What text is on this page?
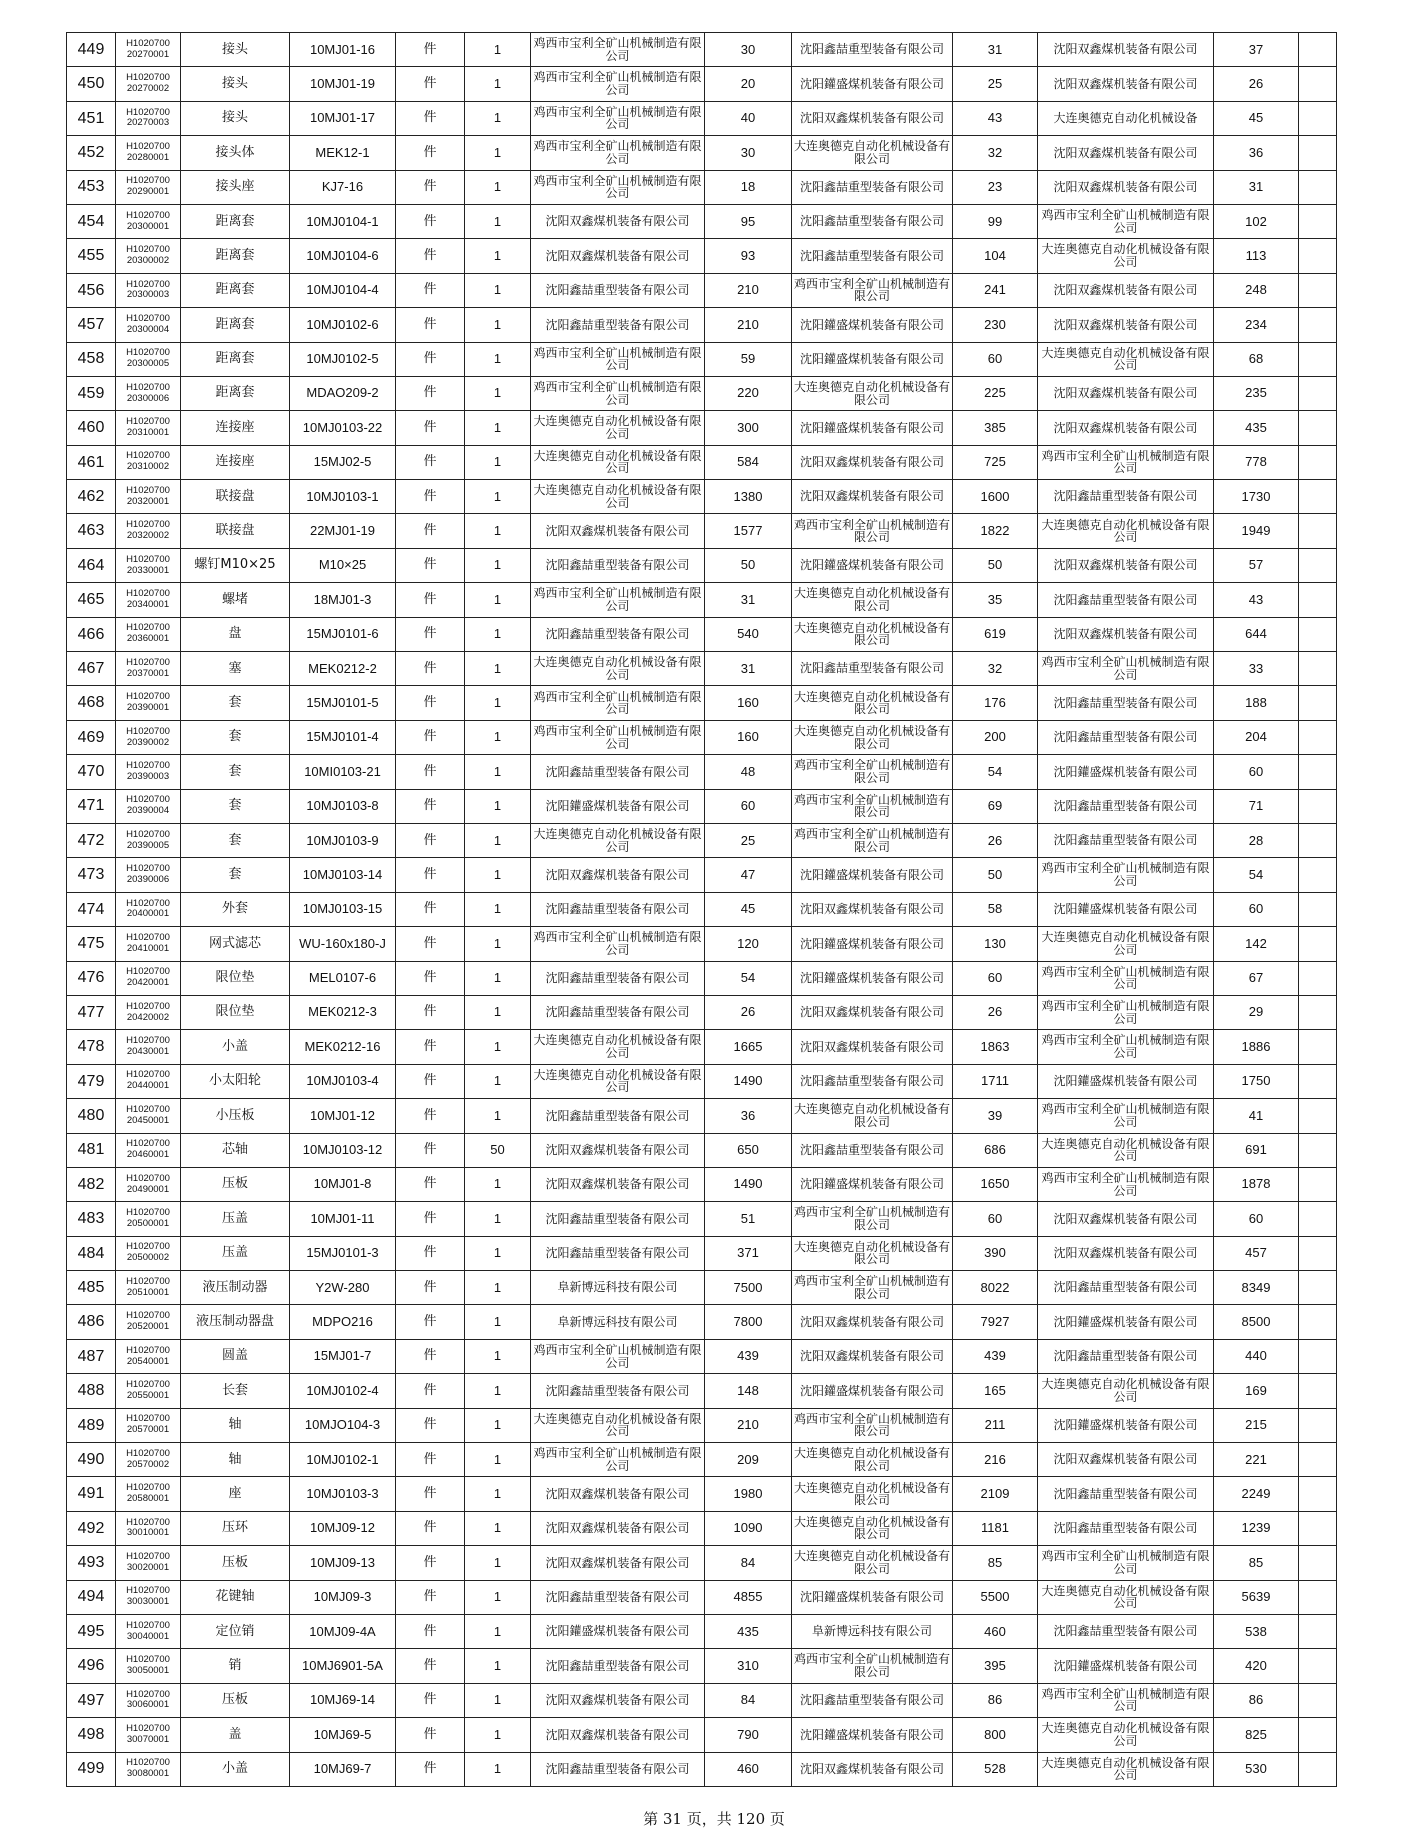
449	H1020700 20270001	接头	10MJ01-16	件	1	鸡西市宝利全矿山机械制造有限公司	30	沈阳鑫喆重型装备有限公司	31	沈阳双鑫煤机装备有限公司	37	
450	H1020700 20270002	接头	10MJ01-19	件	1	鸡西市宝利全矿山机械制造有限公司	20	沈阳鑵盛煤机装备有限公司	25	沈阳双鑫煤机装备有限公司	26	
451	H1020700 20270003	接头	10MJ01-17	件	1	鸡西市宝利全矿山机械制造有限公司	40	沈阳双鑫煤机装备有限公司	43	大连奥德克自动化机械设备	45	
452	H1020700 20280001	接头体	MEK12-1	件	1	鸡西市宝利全矿山机械制造有限公司	30	大连奥德克自动化机械设备有限公司	32	沈阳双鑫煤机装备有限公司	36	
453	H1020700 20290001	接头座	KJ7-16	件	1	鸡西市宝利全矿山机械制造有限公司	18	沈阳鑫喆重型装备有限公司	23	沈阳双鑫煤机装备有限公司	31	
454	H1020700 20300001	距离套	10MJ0104-1	件	1	沈阳双鑫煤机装备有限公司	95	沈阳鑫喆重型装备有限公司	99	鸡西市宝利全矿山机械制造有限公司	102	
455	H1020700 20300002	距离套	10MJ0104-6	件	1	沈阳双鑫煤机装备有限公司	93	沈阳鑫喆重型装备有限公司	104	大连奥德克自动化机械设备有限公司	113	
456	H1020700 20300003	距离套	10MJ0104-4	件	1	沈阳鑫喆重型装备有限公司	210	鸡西市宝利全矿山机械制造有限公司	241	沈阳双鑫煤机装备有限公司	248	
457	H1020700 20300004	距离套	10MJ0102-6	件	1	沈阳鑫喆重型装备有限公司	210	沈阳鑵盛煤机装备有限公司	230	沈阳双鑫煤机装备有限公司	234	
458	H1020700 20300005	距离套	10MJ0102-5	件	1	鸡西市宝利全矿山机械制造有限公司	59	沈阳鑵盛煤机装备有限公司	60	大连奥德克自动化机械设备有限公司	68	
459	H1020700 20300006	距离套	MDAO209-2	件	1	鸡西市宝利全矿山机械制造有限公司	220	大连奥德克自动化机械设备有限公司	225	沈阳双鑫煤机装备有限公司	235	
460	H1020700 20310001	连接座	10MJ0103-22	件	1	大连奥德克自动化机械设备有限公司	300	沈阳鑵盛煤机装备有限公司	385	沈阳双鑫煤机装备有限公司	435	
461	H1020700 20310002	连接座	15MJ02-5	件	1	大连奥德克自动化机械设备有限公司	584	沈阳双鑫煤机装备有限公司	725	鸡西市宝利全矿山机械制造有限公司	778	
462	H1020700 20320001	联接盘	10MJ0103-1	件	1	大连奥德克自动化机械设备有限公司	1380	沈阳双鑫煤机装备有限公司	1600	沈阳鑫喆重型装备有限公司	1730	
463	H1020700 20320002	联接盘	22MJ01-19	件	1	沈阳双鑫煤机装备有限公司	1577	鸡西市宝利全矿山机械制造有限公司	1822	大连奥德克自动化机械设备有限公司	1949	
464	H1020700 20330001	螺钉M10×25	M10×25	件	1	沈阳鑫喆重型装备有限公司	50	沈阳鑵盛煤机装备有限公司	50	沈阳双鑫煤机装备有限公司	57	
465	H1020700 20340001	螺堵	18MJ01-3	件	1	鸡西市宝利全矿山机械制造有限公司	31	大连奥德克自动化机械设备有限公司	35	沈阳鑫喆重型装备有限公司	43	
466	H1020700 20360001	盘	15MJ0101-6	件	1	沈阳鑫喆重型装备有限公司	540	大连奥德克自动化机械设备有限公司	619	沈阳双鑫煤机装备有限公司	644	
467	H1020700 20370001	塞	MEK0212-2	件	1	大连奥德克自动化机械设备有限公司	31	沈阳鑫喆重型装备有限公司	32	鸡西市宝利全矿山机械制造有限公司	33	
468	H1020700 20390001	套	15MJ0101-5	件	1	鸡西市宝利全矿山机械制造有限公司	160	大连奥德克自动化机械设备有限公司	176	沈阳鑫喆重型装备有限公司	188	
469	H1020700 20390002	套	15MJ0101-4	件	1	鸡西市宝利全矿山机械制造有限公司	160	大连奥德克自动化机械设备有限公司	200	沈阳鑫喆重型装备有限公司	204	
470	H1020700 20390003	套	10MI0103-21	件	1	沈阳鑫喆重型装备有限公司	48	鸡西市宝利全矿山机械制造有限公司	54	沈阳鑵盛煤机装备有限公司	60	
471	H1020700 20390004	套	10MJ0103-8	件	1	沈阳鑵盛煤机装备有限公司	60	鸡西市宝利全矿山机械制造有限公司	69	沈阳鑫喆重型装备有限公司	71	
472	H1020700 20390005	套	10MJ0103-9	件	1	大连奥德克自动化机械设备有限公司	25	鸡西市宝利全矿山机械制造有限公司	26	沈阳鑫喆重型装备有限公司	28	
473	H1020700 20390006	套	10MJ0103-14	件	1	沈阳双鑫煤机装备有限公司	47	沈阳鑵盛煤机装备有限公司	50	鸡西市宝利全矿山机械制造有限公司	54	
474	H1020700 20400001	外套	10MJ0103-15	件	1	沈阳鑫喆重型装备有限公司	45	沈阳双鑫煤机装备有限公司	58	沈阳鑵盛煤机装备有限公司	60	
475	H1020700 20410001	网式滤芯	WU-160x180-J	件	1	鸡西市宝利全矿山机械制造有限公司	120	沈阳鑵盛煤机装备有限公司	130	大连奥德克自动化机械设备有限公司	142	
476	H1020700 20420001	限位垫	MEL0107-6	件	1	沈阳鑫喆重型装备有限公司	54	沈阳鑵盛煤机装备有限公司	60	鸡西市宝利全矿山机械制造有限公司	67	
477	H1020700 20420002	限位垫	MEK0212-3	件	1	沈阳鑫喆重型装备有限公司	26	沈阳双鑫煤机装备有限公司	26	鸡西市宝利全矿山机械制造有限公司	29	
478	H1020700 20430001	小盖	MEK0212-16	件	1	大连奥德克自动化机械设备有限公司	1665	沈阳双鑫煤机装备有限公司	1863	鸡西市宝利全矿山机械制造有限公司	1886	
479	H1020700 20440001	小太阳轮	10MJ0103-4	件	1	大连奥德克自动化机械设备有限公司	1490	沈阳鑫喆重型装备有限公司	1711	沈阳鑵盛煤机装备有限公司	1750	
480	H1020700 20450001	小压板	10MJ01-12	件	1	沈阳鑫喆重型装备有限公司	36	大连奥德克自动化机械设备有限公司	39	鸡西市宝利全矿山机械制造有限公司	41	
481	H1020700 20460001	芯轴	10MJ0103-12	件	50	沈阳双鑫煤机装备有限公司	650	沈阳鑫喆重型装备有限公司	686	大连奥德克自动化机械设备有限公司	691	
482	H1020700 20490001	压板	10MJ01-8	件	1	沈阳双鑫煤机装备有限公司	1490	沈阳鑵盛煤机装备有限公司	1650	鸡西市宝利全矿山机械制造有限公司	1878	
483	H1020700 20500001	压盖	10MJ01-11	件	1	沈阳鑫喆重型装备有限公司	51	鸡西市宝利全矿山机械制造有限公司	60	沈阳双鑫煤机装备有限公司	60	
484	H1020700 20500002	压盖	15MJ0101-3	件	1	沈阳鑫喆重型装备有限公司	371	大连奥德克自动化机械设备有限公司	390	沈阳双鑫煤机装备有限公司	457	
485	H1020700 20510001	液压制动器	Y2W-280	件	1	阜新博远科技有限公司	7500	鸡西市宝利全矿山机械制造有限公司	8022	沈阳鑫喆重型装备有限公司	8349	
486	H1020700 20520001	液压制动器盘	MDPO216	件	1	阜新博远科技有限公司	7800	沈阳双鑫煤机装备有限公司	7927	沈阳鑵盛煤机装备有限公司	8500	
487	H1020700 20540001	圆盖	15MJ01-7	件	1	鸡西市宝利全矿山机械制造有限公司	439	沈阳双鑫煤机装备有限公司	439	沈阳鑫喆重型装备有限公司	440	
488	H1020700 20550001	长套	10MJ0102-4	件	1	沈阳鑫喆重型装备有限公司	148	沈阳鑵盛煤机装备有限公司	165	大连奥德克自动化机械设备有限公司	169	
489	H1020700 20570001	轴	10MJO104-3	件	1	大连奥德克自动化机械设备有限公司	210	鸡西市宝利全矿山机械制造有限公司	211	沈阳鑵盛煤机装备有限公司	215	
490	H1020700 20570002	轴	10MJ0102-1	件	1	鸡西市宝利全矿山机械制造有限公司	209	大连奥德克自动化机械设备有限公司	216	沈阳双鑫煤机装备有限公司	221	
491	H1020700 20580001	座	10MJ0103-3	件	1	沈阳双鑫煤机装备有限公司	1980	大连奥德克自动化机械设备有限公司	2109	沈阳鑫喆重型装备有限公司	2249	
492	H1020700 30010001	压环	10MJ09-12	件	1	沈阳双鑫煤机装备有限公司	1090	大连奥德克自动化机械设备有限公司	1181	沈阳鑫喆重型装备有限公司	1239	
493	H1020700 30020001	压板	10MJ09-13	件	1	沈阳双鑫煤机装备有限公司	84	大连奥德克自动化机械设备有限公司	85	鸡西市宝利全矿山机械制造有限公司	85	
494	H1020700 30030001	花键轴	10MJ09-3	件	1	沈阳鑫喆重型装备有限公司	4855	沈阳鑵盛煤机装备有限公司	5500	大连奥德克自动化机械设备有限公司	5639	
495	H1020700 30040001	定位销	10MJ09-4A	件	1	沈阳鑵盛煤机装备有限公司	435	阜新博远科技有限公司	460	沈阳鑫喆重型装备有限公司	538	
496	H1020700 30050001	销	10MJ6901-5A	件	1	沈阳鑫喆重型装备有限公司	310	鸡西市宝利全矿山机械制造有限公司	395	沈阳鑵盛煤机装备有限公司	420	
497	H1020700 30060001	压板	10MJ69-14	件	1	沈阳双鑫煤机装备有限公司	84	沈阳鑫喆重型装备有限公司	86	鸡西市宝利全矿山机械制造有限公司	86	
498	H1020700 30070001	盖	10MJ69-5	件	1	沈阳双鑫煤机装备有限公司	790	沈阳鑵盛煤机装备有限公司	800	大连奥德克自动化机械设备有限公司	825	
499	H1020700 30080001	小盖	10MJ69-7	件	1	沈阳鑫喆重型装备有限公司	460	沈阳双鑫煤机装备有限公司	528	大连奥德克自动化机械设备有限公司	530	
第 31 页，共 120 页
